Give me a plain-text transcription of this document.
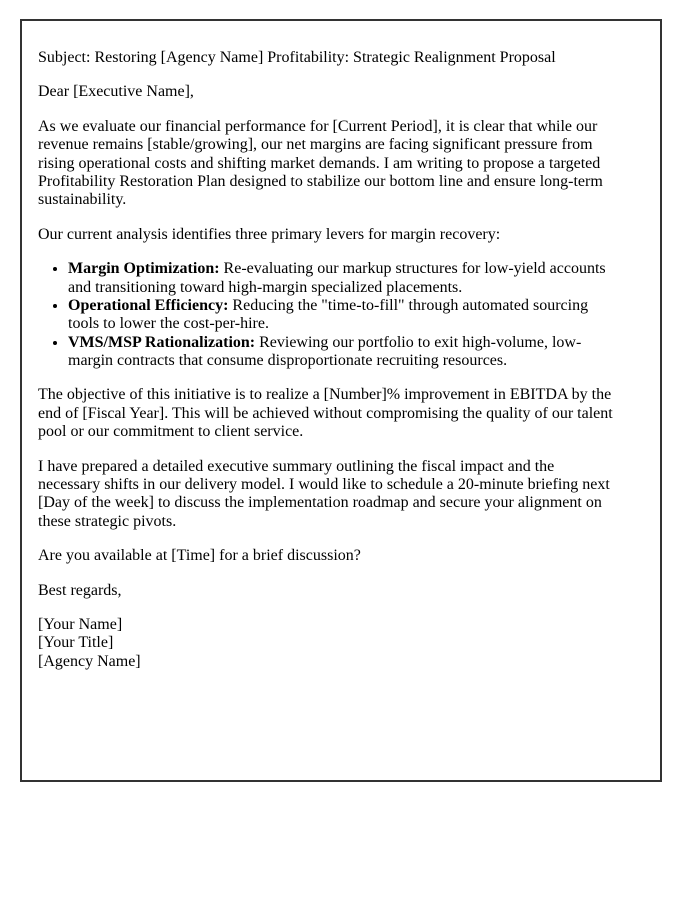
Subject: Restoring [Agency Name] Profitability: Strategic Realignment Proposal

Dear [Executive Name],

As we evaluate our financial performance for [Current Period], it is clear that while our revenue remains [stable/growing], our net margins are facing significant pressure from rising operational costs and shifting market demands. I am writing to propose a targeted Profitability Restoration Plan designed to stabilize our bottom line and ensure long-term sustainability.

Our current analysis identifies three primary levers for margin recovery:

• Margin Optimization: Re-evaluating our markup structures for low-yield accounts and transitioning toward high-margin specialized placements.
• Operational Efficiency: Reducing the "time-to-fill" through automated sourcing tools to lower the cost-per-hire.
• VMS/MSP Rationalization: Reviewing our portfolio to exit high-volume, low-margin contracts that consume disproportionate recruiting resources.

The objective of this initiative is to realize a [Number]% improvement in EBITDA by the end of [Fiscal Year]. This will be achieved without compromising the quality of our talent pool or our commitment to client service.

I have prepared a detailed executive summary outlining the fiscal impact and the necessary shifts in our delivery model. I would like to schedule a 20-minute briefing next [Day of the week] to discuss the implementation roadmap and secure your alignment on these strategic pivots.

Are you available at [Time] for a brief discussion?

Best regards,

[Your Name]
[Your Title]
[Agency Name]
